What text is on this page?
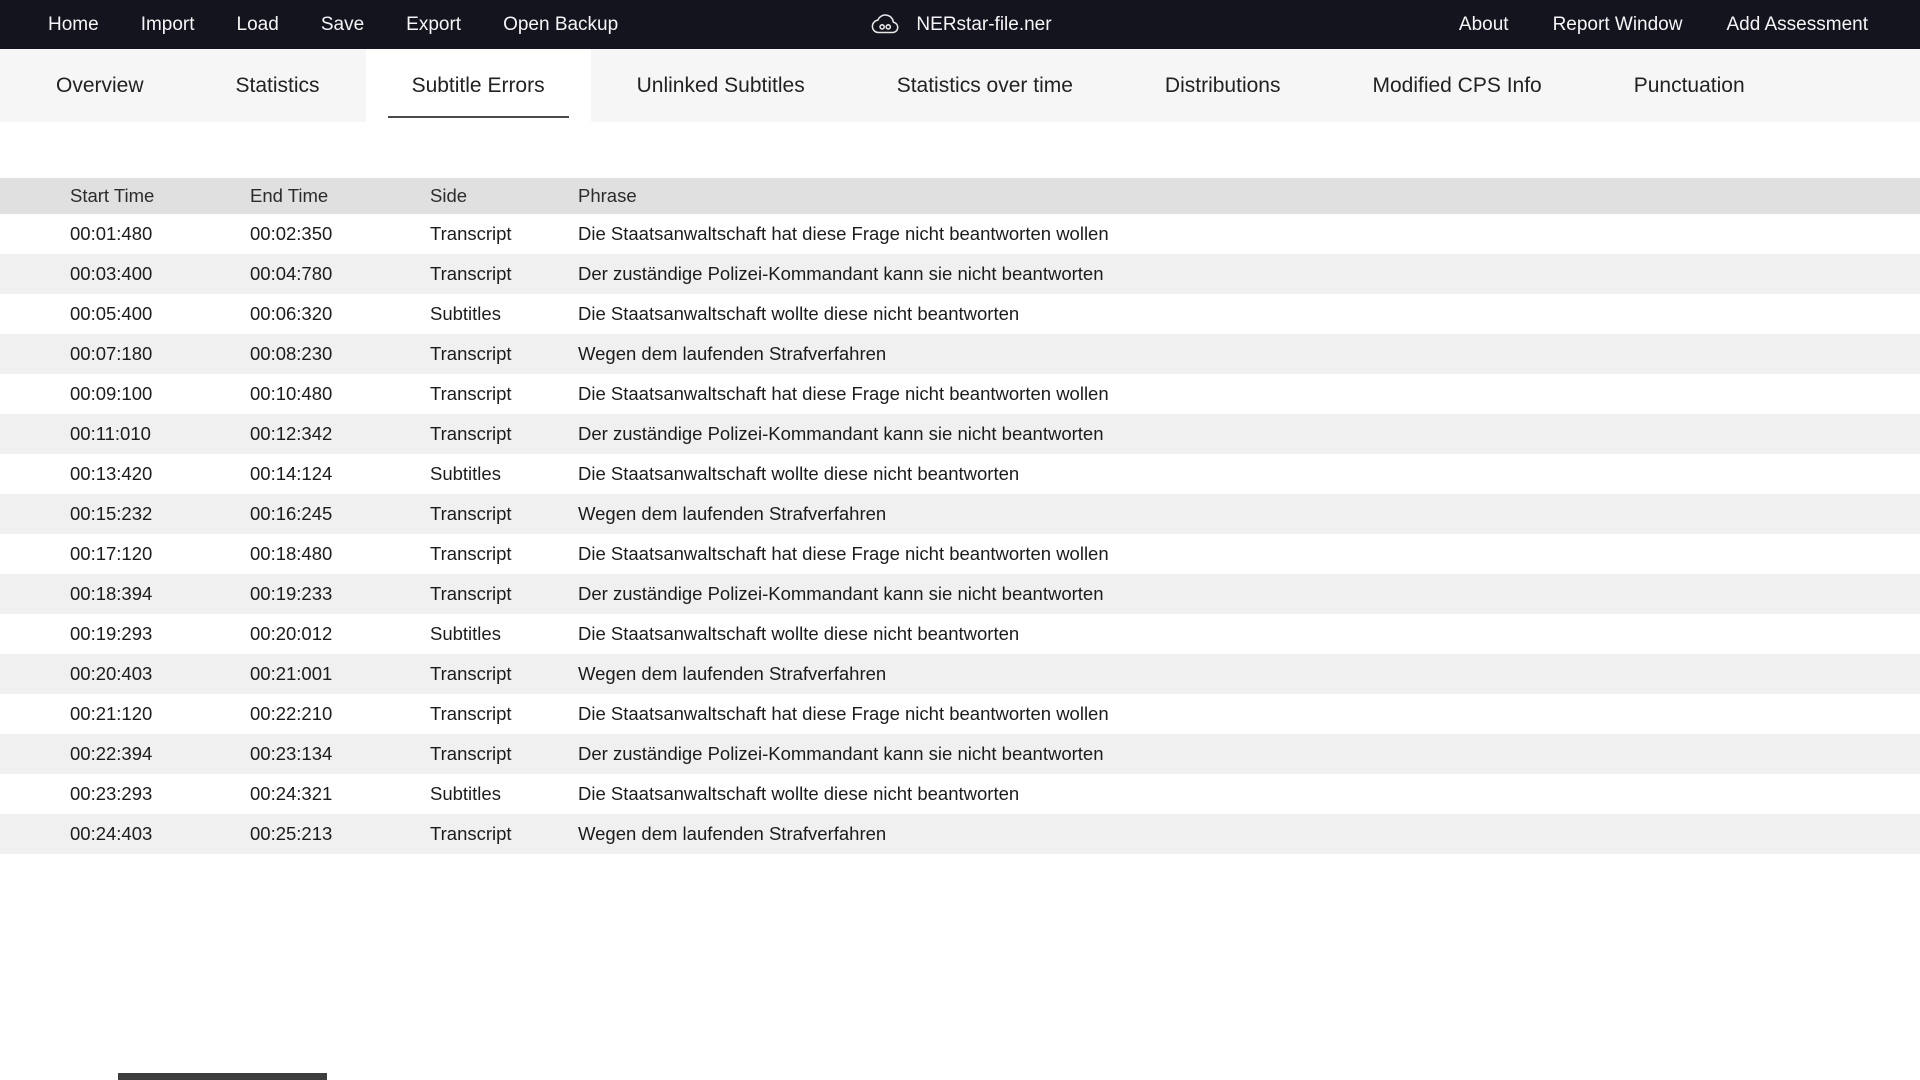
Home Import Load Save Export Open Backup	NERstar-file.ner	About Report Window Add Assessment
Overview	Statistics	Subtitle Errors	Unlinked Subtitles	Statistics over time	Distributions	Modified CPS Info	Punctuation
Start Time	End Time	Side	Phrase
00:01:480	00:02:350	Transcript	Die Staatsanwaltschaft hat diese Frage nicht beantworten wollen
00:03:400	00:04:780	Transcript	Der zuständige Polizei-Kommandant kann sie nicht beantworten
00:05:400	00:06:320	Subtitles	Die Staatsanwaltschaft wollte diese nicht beantworten
00:07:180	00:08:230	Transcript	Wegen dem laufenden Strafverfahren
00:09:100	00:10:480	Transcript	Die Staatsanwaltschaft hat diese Frage nicht beantworten wollen
00:11:010	00:12:342	Transcript	Der zuständige Polizei-Kommandant kann sie nicht beantworten
00:13:420	00:14:124	Subtitles	Die Staatsanwaltschaft wollte diese nicht beantworten
00:15:232	00:16:245	Transcript	Wegen dem laufenden Strafverfahren
00:17:120	00:18:480	Transcript	Die Staatsanwaltschaft hat diese Frage nicht beantworten wollen
00:18:394	00:19:233	Transcript	Der zuständige Polizei-Kommandant kann sie nicht beantworten
00:19:293	00:20:012	Subtitles	Die Staatsanwaltschaft wollte diese nicht beantworten
00:20:403	00:21:001	Transcript	Wegen dem laufenden Strafverfahren
00:21:120	00:22:210	Transcript	Die Staatsanwaltschaft hat diese Frage nicht beantworten wollen
00:22:394	00:23:134	Transcript	Der zuständige Polizei-Kommandant kann sie nicht beantworten
00:23:293	00:24:321	Subtitles	Die Staatsanwaltschaft wollte diese nicht beantworten
00:24:403	00:25:213	Transcript	Wegen dem laufenden Strafverfahren
